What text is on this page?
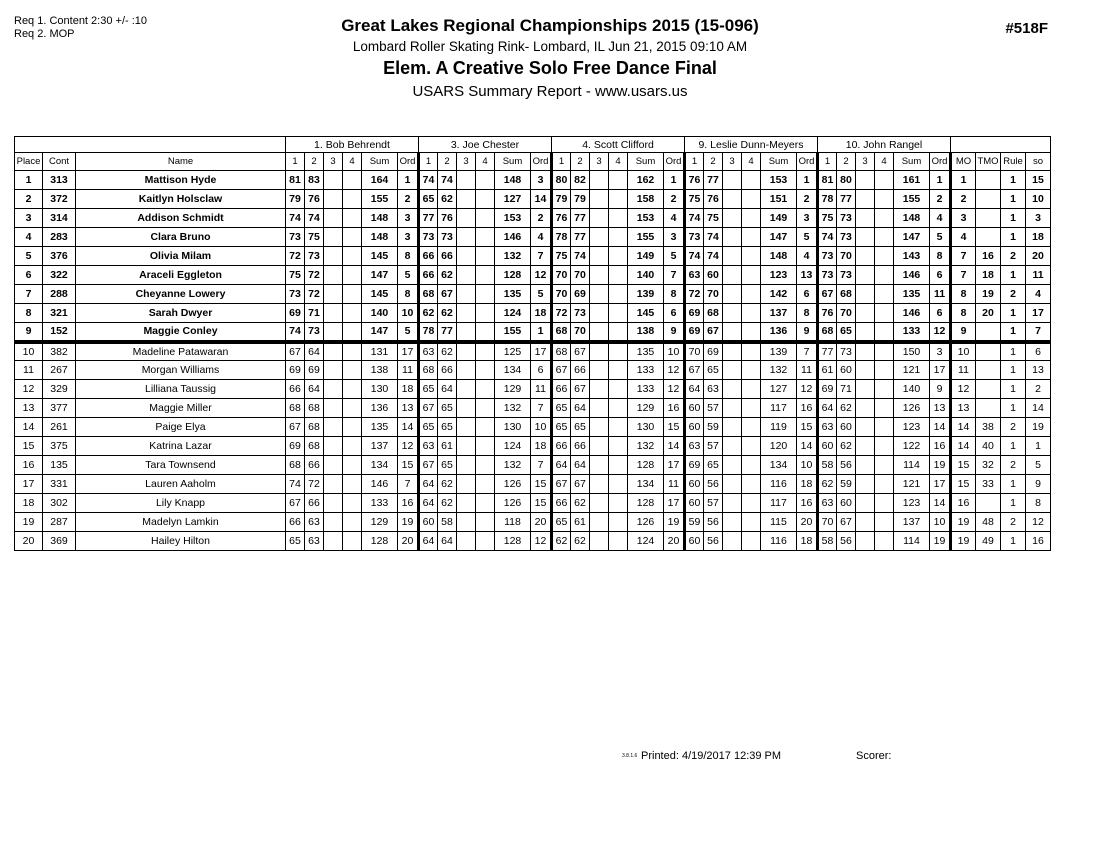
Req 1. Content 2:30 +/- :10
Req 2. MOP	Great Lakes Regional Championships 2015 (15-096)
Lombard Roller Skating Rink- Lombard, IL Jun 21, 2015 09:10 AM
Elem. A Creative Solo Free Dance Final
USARS Summary Report - www.usars.us
#518F
			1. Bob Behrendt						3. Joe Chester						4. Scott Clifford						9. Leslie Dunn-Meyers						10. John Rangel									
Place	Cont	Name	1	2	3	4	Sum	Ord	1	2	3	4	Sum	Ord	1	2	3	4	Sum	Ord	1	2	3	4	Sum	Ord	1	2	3	4	Sum	Ord	MO	TMO	Rule	so
1	313	Mattison Hyde	81	83			164	1	74	74			148	3	80	82			162	1	76	77			153	1	81	80			161	1	1		1	15
2	372	Kaitlyn Holsclaw	79	76			155	2	65	62			127	14	79	79			158	2	75	76			151	2	78	77			155	2	2		1	10
3	314	Addison Schmidt	74	74			148	3	77	76			153	2	76	77			153	4	74	75			149	3	75	73			148	4	3		1	3
4	283	Clara Bruno	73	75			148	3	73	73			146	4	78	77			155	3	73	74			147	5	74	73			147	5	4		1	18
5	376	Olivia Milam	72	73			145	8	66	66			132	7	75	74			149	5	74	74			148	4	73	70			143	8	7	16	2	20
6	322	Araceli Eggleton	75	72			147	5	66	62			128	12	70	70			140	7	63	60			123	13	73	73			146	6	7	18	1	11
7	288	Cheyanne Lowery	73	72			145	8	68	67			135	5	70	69			139	8	72	70			142	6	67	68			135	11	8	19	2	4
8	321	Sarah Dwyer	69	71			140	10	62	62			124	18	72	73			145	6	69	68			137	8	76	70			146	6	8	20	1	17
9	152	Maggie Conley	74	73			147	5	78	77			155	1	68	70			138	9	69	67			136	9	68	65			133	12	9		1	7
10	382	Madeline Patawaran	67	64			131	17	63	62			125	17	68	67			135	10	70	69			139	7	77	73			150	3	10		1	6
11	267	Morgan Williams	69	69			138	11	68	66			134	6	67	66			133	12	67	65			132	11	61	60			121	17	11		1	13
12	329	Lilliana Taussig	66	64			130	18	65	64			129	11	66	67			133	12	64	63			127	12	69	71			140	9	12		1	2
13	377	Maggie Miller	68	68			136	13	67	65			132	7	65	64			129	16	60	57			117	16	64	62			126	13	13		1	14
14	261	Paige Elya	67	68			135	14	65	65			130	10	65	65			130	15	60	59			119	15	63	60			123	14	14	38	2	19
15	375	Katrina Lazar	69	68			137	12	63	61			124	18	66	66			132	14	63	57			120	14	60	62			122	16	14	40	1	1
16	135	Tara Townsend	68	66			134	15	67	65			132	7	64	64			128	17	69	65			134	10	58	56			114	19	15	32	2	5
17	331	Lauren Aaholm	74	72			146	7	64	62			126	15	67	67			134	11	60	56			116	18	62	59			121	17	15	33	1	9
18	302	Lily Knapp	67	66			133	16	64	62			126	15	66	62			128	17	60	57			117	16	63	60			123	14	16		1	8
19	287	Madelyn Lamkin	66	63			129	19	60	58			118	20	65	61			126	19	59	56			115	20	70	67			137	10	19	48	2	12
20	369	Hailey Hilton	65	63			128	20	64	64			128	12	62	62			124	20	60	56			116	18	58	56			114	19	19	49	1	16
3.8.1.6 Printed: 4/19/2017 12:39 PM	Scorer:
